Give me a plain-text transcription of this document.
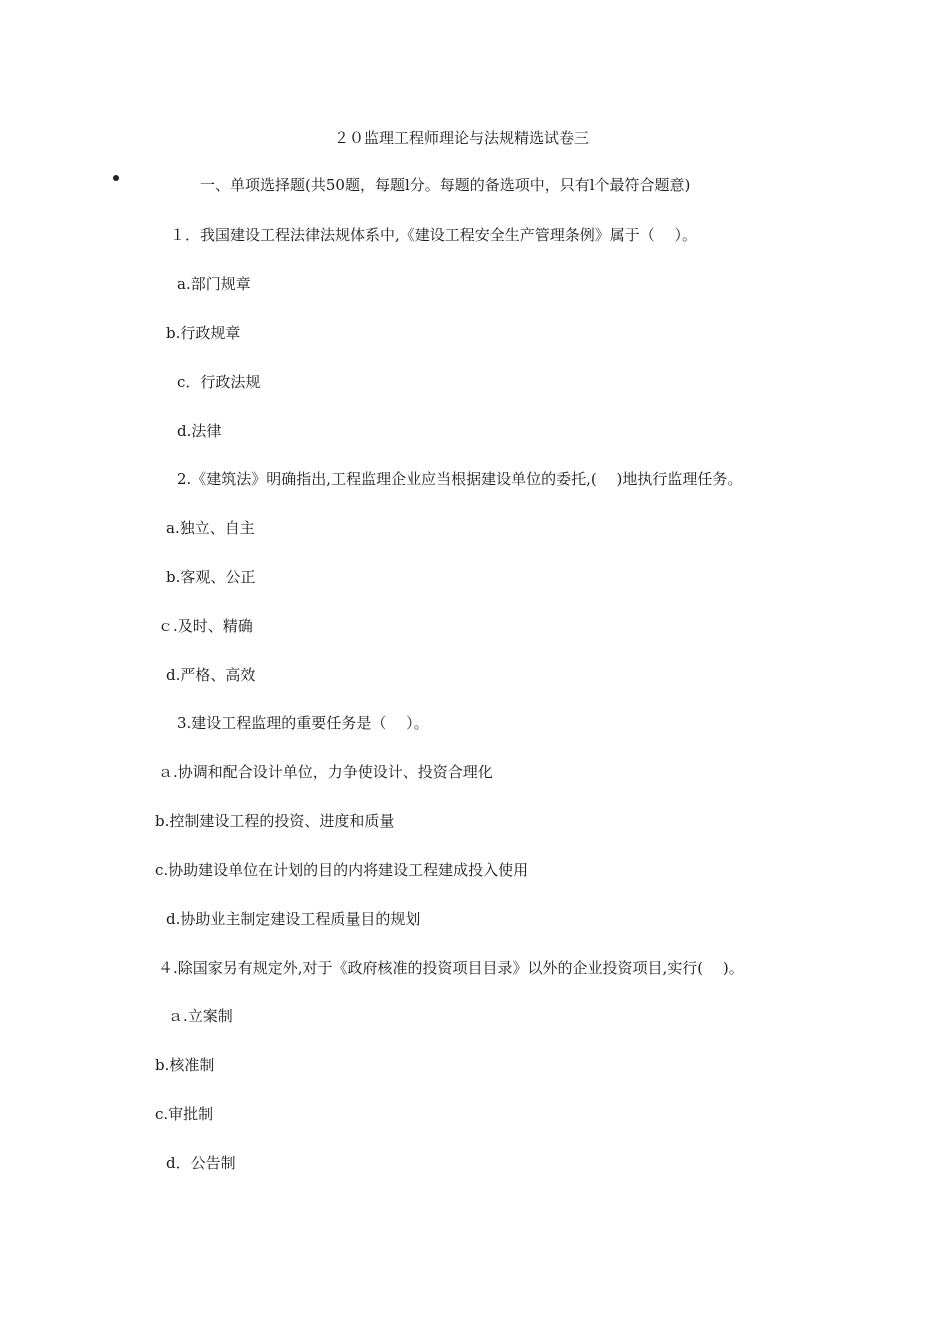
２０监理工程师理论与法规精选试卷三
一、单项选择题(共50题，每题l分。每题的备选项中，只有l个最符合题意)
１．我国建设工程法律法规体系中,《建设工程安全生产管理条例》属于（　 ）。
a.部门规章
b.行政规章
c．行政法规
d.法律
2.《建筑法》明确指出,工程监理企业应当根据建设单位的委托,(　 )地执行监理任务。
a.独立、自主
b.客观、公正
ｃ.及时、精确
d.严格、高效
3.建设工程监理的重要任务是（　 ）。
ａ.协调和配合设计单位，力争使设计、投资合理化
b.控制建设工程的投资、进度和质量
c.协助建设单位在计划的目的内将建设工程建成投入使用
d.协助业主制定建设工程质量目的规划
４.除国家另有规定外,对于《政府核准的投资项目目录》以外的企业投资项目,实行(　 )。
ａ.立案制
b.核准制
c.审批制
d．公告制
